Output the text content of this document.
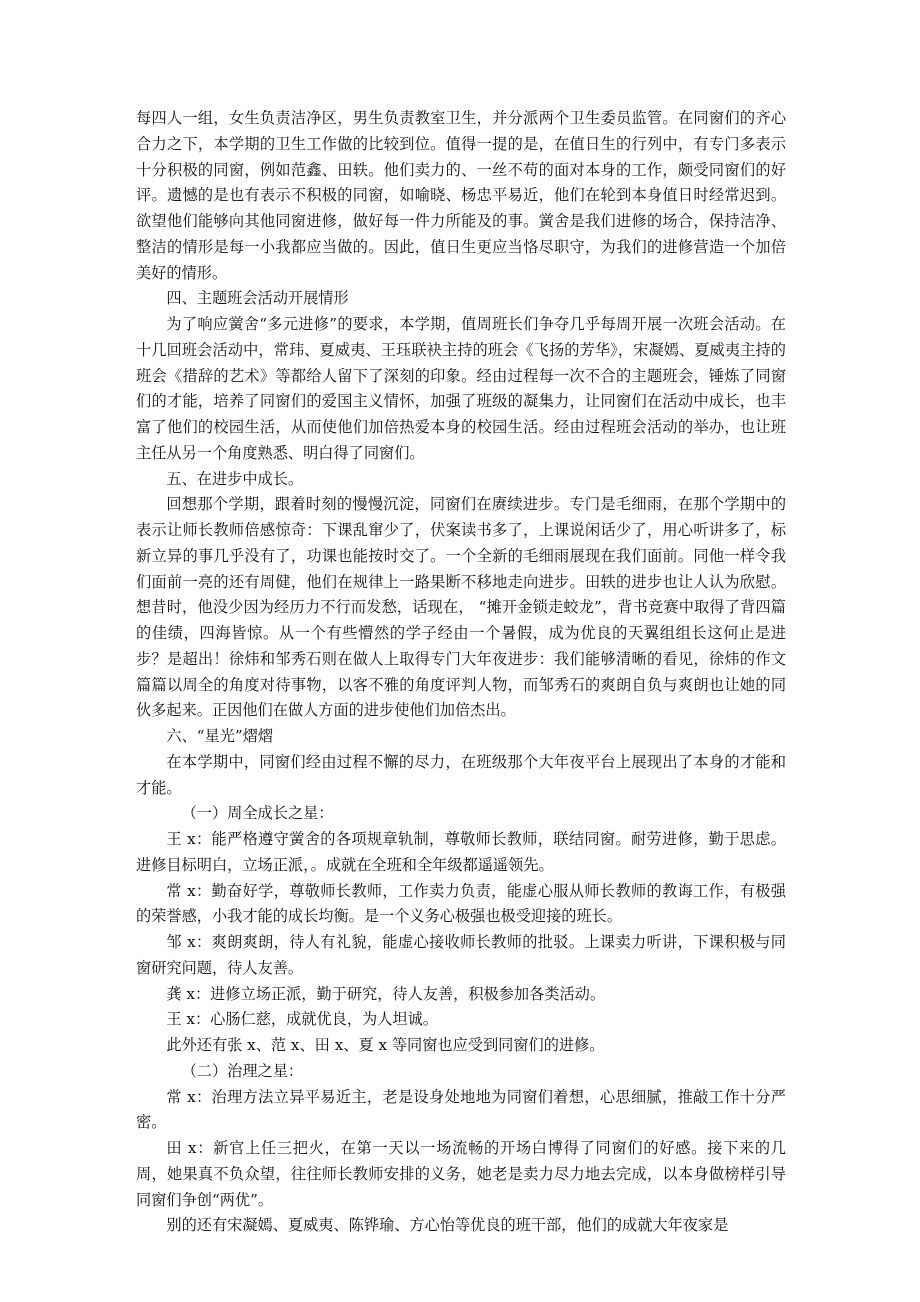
每四人一组，女生负责洁净区，男生负责教室卫生，并分派两个卫生委员监管。在同窗们的齐心合力之下，本学期的卫生工作做的比较到位。值得一提的是，在值日生的行列中，有专门多表示十分积极的同窗，例如范鑫、田轶。他们卖力的、一丝不苟的面对本身的工作，颇受同窗们的好评。遗憾的是也有表示不积极的同窗，如喻晓、杨忠平易近，他们在轮到本身值日时经常迟到。欲望他们能够向其他同窗进修，做好每一件力所能及的事。黉舍是我们进修的场合，保持洁净、整洁的情形是每一小我都应当做的。因此，值日生更应当恪尽职守，为我们的进修营造一个加倍美好的情形。

四、主题班会活动开展情形

为了响应黉舍“多元进修”的要求，本学期，值周班长们争夺几乎每周开展一次班会活动。在十几回班会活动中，常玮、夏威夷、王珏联袂主持的班会《飞扬的芳华》，宋凝嫣、夏威夷主持的班会《措辞的艺术》等都给人留下了深刻的印象。经由过程每一次不合的主题班会，锤炼了同窗们的才能，培养了同窗们的爱国主义情怀，加强了班级的凝集力，让同窗们在活动中成长，也丰富了他们的校园生活，从而使他们加倍热爱本身的校园生活。经由过程班会活动的举办，也让班主任从另一个角度熟悉、明白得了同窗们。

五、在进步中成长。

回想那个学期，跟着时刻的慢慢沉淀，同窗们在赓续进步。专门是毛细雨，在那个学期中的表示让师长教师倍感惊奇：下课乱窜少了，伏案读书多了，上课说闲话少了，用心听讲多了，标新立异的事几乎没有了，功课也能按时交了。一个全新的毛细雨展现在我们面前。同他一样令我们面前一亮的还有周健，他们在规律上一路果断不移地走向进步。田轶的进步也让人认为欣慰。想昔时，他没少因为经历力不行而发愁，话现在， “摊开金锁走蛟龙”，背书竞赛中取得了背四篇的佳绩，四海皆惊。从一个有些懵然的学子经由一个暑假，成为优良的天翼组组长这何止是进步？是超出！徐炜和邹秀石则在做人上取得专门大年夜进步：我们能够清晰的看见，徐炜的作文篇篇以周全的角度对待事物，以客不雅的角度评判人物，而邹秀石的爽朗自负与爽朗也让她的同伙多起来。正因他们在做人方面的进步使他们加倍杰出。

六、“星光”熠熠

在本学期中，同窗们经由过程不懈的尽力，在班级那个大年夜平台上展现出了本身的才能和才能。

（一）周全成长之星：

王 x：能严格遵守黉舍的各项规章轨制，尊敬师长教师，联结同窗。耐劳进修，勤于思虑。进修目标明白，立场正派，。成就在全班和全年级都遥遥领先。

常 x：勤奋好学，尊敬师长教师，工作卖力负责，能虚心服从师长教师的教诲工作，有极强的荣誉感，小我才能的成长均衡。是一个义务心极强也极受迎接的班长。

邹 x：爽朗爽朗，待人有礼貌，能虚心接收师长教师的批驳。上课卖力听讲，下课积极与同窗研究问题，待人友善。

龚 x：进修立场正派，勤于研究，待人友善，积极参加各类活动。

王 x：心肠仁慈，成就优良，为人坦诚。

此外还有张 x、范 x、田 x、夏 x 等同窗也应受到同窗们的进修。

（二）治理之星：

常 x：治理方法立异平易近主，老是设身处地地为同窗们着想，心思细腻，推敲工作十分严密。

田 x：新官上任三把火，在第一天以一场流畅的开场白博得了同窗们的好感。接下来的几周，她果真不负众望，往往师长教师安排的义务，她老是卖力尽力地去完成，以本身做榜样引导同窗们争创“两优”。

别的还有宋凝嫣、夏威夷、陈铧瑜、方心怡等优良的班干部，他们的成就大年夜家是
